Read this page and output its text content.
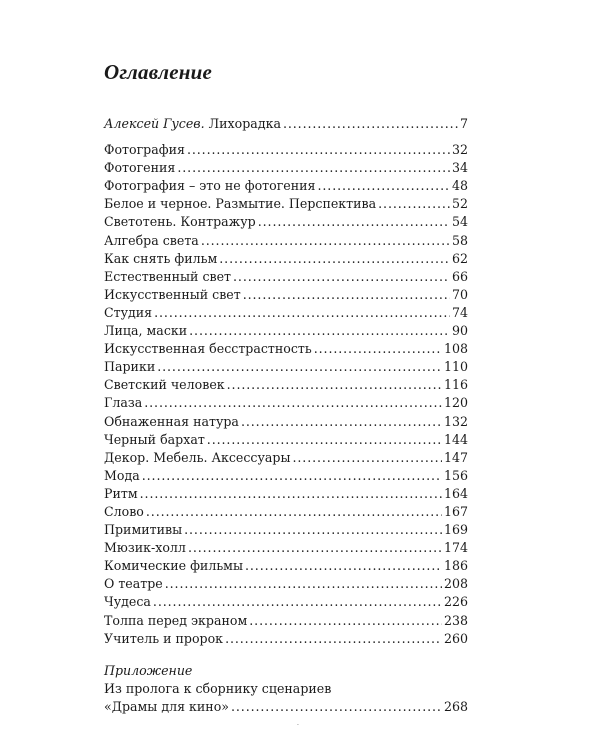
Оглавление
Алексей Гусев. Лихорадка .....	7
Фотография .....	32
Фотогения .....	34
Фотография – это не фотогения .....	48
Белое и черное. Размытие. Перспектива .....	52
Светотень. Контражур .....	54
Алгебра света .....	58
Как снять фильм .....	62
Естественный свет .....	66
Искусственный свет .....	70
Студия .....	74
Лица, маски .....	90
Искусственная бесстрастность .....	108
Парики .....	110
Светский человек .....	116
Глаза .....	120
Обнаженная натура .....	132
Черный бархат .....	144
Декор. Мебель. Аксессуары .....	147
Мода .....	156
Ритм .....	164
Слово .....	167
Примитивы .....	169
Мюзик-холл .....	174
Комические фильмы .....	186
О театре .....	208
Чудеса .....	226
Толпа перед экраном .....	238
Учитель и пророк .....	260
Приложение
Из пролога к сборнику сценариев
«Драмы для кино» .....	268
.
